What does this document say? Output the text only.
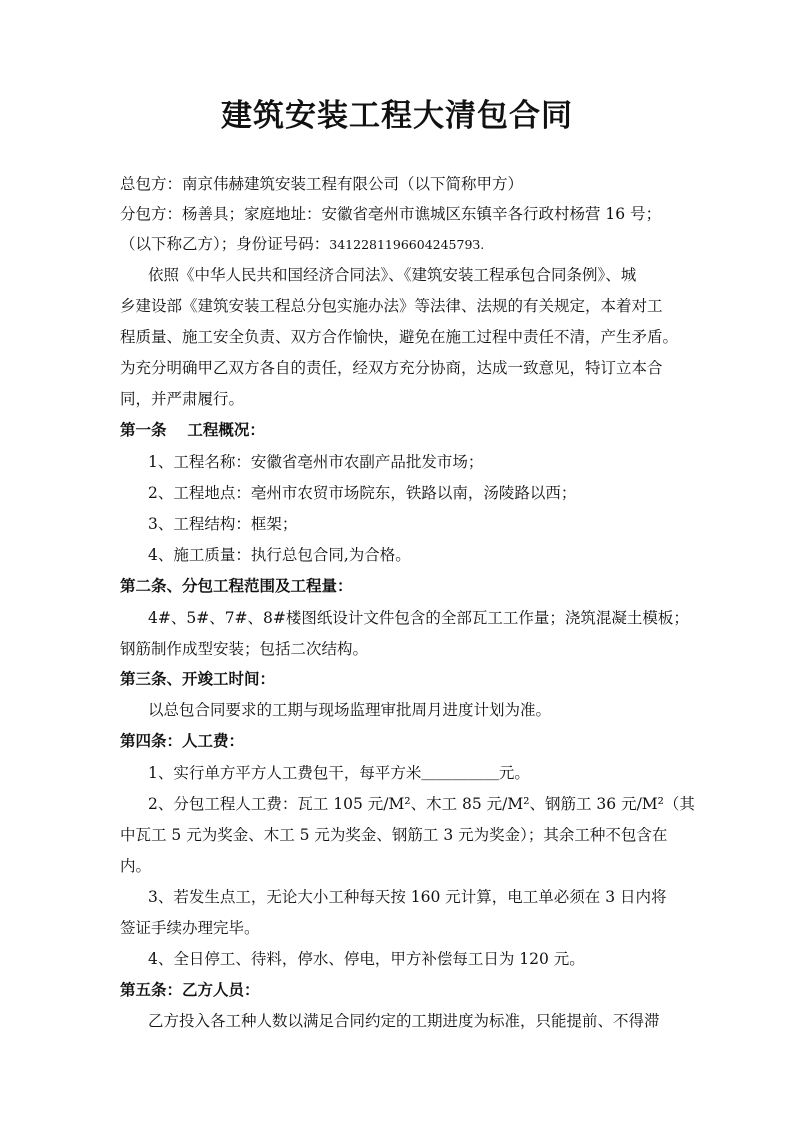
建筑安装工程大清包合同
总包方：南京伟赫建筑安装工程有限公司（以下简称甲方）
分包方：杨善具；家庭地址：安徽省亳州市谯城区东镇辛各行政村杨营 16 号；
（以下称乙方）；身份证号码：341228119660424579З.
依照《中华人民共和国经济合同法》、《建筑安装工程承包合同条例》、城
乡建设部《建筑安装工程总分包实施办法》等法律、法规的有关规定，本着对工
程质量、施工安全负责、双方合作愉快，避免在施工过程中责任不清，产生矛盾。
为充分明确甲乙双方各自的责任，经双方充分协商，达成一致意见，特订立本合
同，并严肃履行。
第一条　 工程概况：
1、工程名称：安徽省亳州市农副产品批发市场；
2、工程地点：亳州市农贸市场院东，铁路以南，汤陵路以西；
3、工程结构：框架；
4、施工质量：执行总包合同,为合格。
第二条、分包工程范围及工程量：
4#、5#、7#、8#楼图纸设计文件包含的全部瓦工工作量；浇筑混凝土模板；
钢筋制作成型安装；包括二次结构。
第三条、开竣工时间：
以总包合同要求的工期与现场监理审批周月进度计划为准。
第四条：人工费：
1、实行单方平方人工费包干，每平方米＿＿＿＿＿元。
2、分包工程人工费：瓦工 105 元/M²、木工 85 元/M²、钢筋工 36 元/M²（其
中瓦工 5 元为奖金、木工 5 元为奖金、钢筋工 3 元为奖金）；其余工种不包含在
内。
3、若发生点工，无论大小工种每天按 160 元计算，电工单必须在 3 日内将
签证手续办理完毕。
4、全日停工、待料，停水、停电，甲方补偿每工日为 120 元。
第五条：乙方人员：
乙方投入各工种人数以满足合同约定的工期进度为标准，只能提前、不得滞
